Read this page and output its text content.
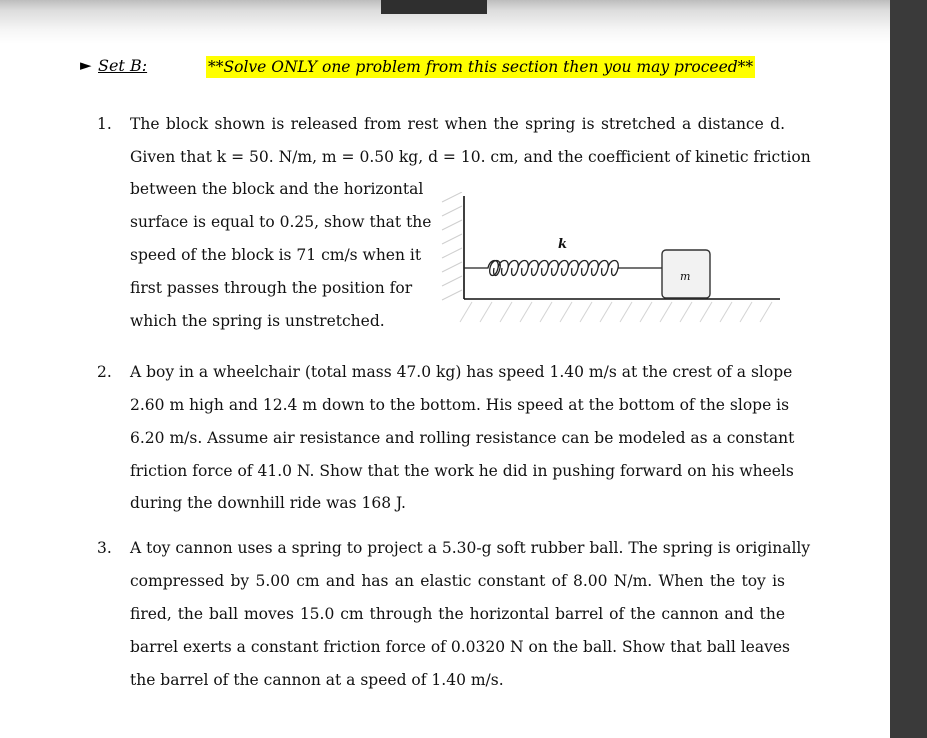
► Set B:	**Solve ONLY one problem from this section then you may proceed**
1. The block shown is released from rest when the spring is stretched a distance d.
Given that k = 50. N/m, m = 0.50 kg, d = 10. cm, and the coefficient of kinetic friction
between the block and the horizontal
surface is equal to 0.25, show that the
speed of the block is 71 cm/s when it
first passes through the position for
which the spring is unstretched.
k
m
2. A boy in a wheelchair (total mass 47.0 kg) has speed 1.40 m/s at the crest of a slope
2.60 m high and 12.4 m down to the bottom. His speed at the bottom of the slope is
6.20 m/s. Assume air resistance and rolling resistance can be modeled as a constant
friction force of 41.0 N. Show that the work he did in pushing forward on his wheels
during the downhill ride was 168 J.
3. A toy cannon uses a spring to project a 5.30-g soft rubber ball. The spring is originally
compressed by 5.00 cm and has an elastic constant of 8.00 N/m. When the toy is
fired, the ball moves 15.0 cm through the horizontal barrel of the cannon and the
barrel exerts a constant friction force of 0.0320 N on the ball. Show that ball leaves
the barrel of the cannon at a speed of 1.40 m/s.
